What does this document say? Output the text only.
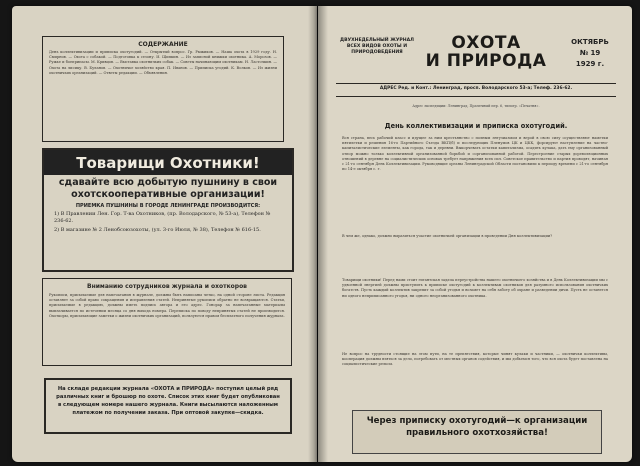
СОДЕРЖАНИЕ
День коллективизации и приписка охотугодий. — Открытый вопрос. Гр. Рыжиков. — Наша охота в 1929 году. Н. Смирнов. — Охота с собакой. — Подготовка к сезону. И. Щипкин. — Из записной книжки охотника. А. Морозов. — Ружье и боеприпасы. М. Кривцов. — Выставка охотничьих собак. — Советы начинающим охотникам. Н. Ласточкин. — Охота на лисицу. В. Буланов. — Охотничье хозяйство края. П. Иванов. — Приписка угодий. К. Волков. — Из жизни охотничьих организаций. — Ответы редакции. — Объявления.
Товарищи Охотники!
сдавайте всю добытую пушнину в свои охотскооперативные организации!
ПРИЕМКА ПУШНИНЫ В ГОРОДЕ ЛЕНИНГРАДЕ ПРОИЗВОДИТСЯ:
1) В Правлении Лен. Гор. Т-ва Охотников, (пр. Володарского, № 53-а), Телефон № 236-62.
2) В магазине № 2 Ленобсоюзохоты, (ул. 3-го Июля, № 38), Телефон № 616-15.
Вниманию сотрудников журнала и охоткоров
Рукописи, присылаемые для напечатания в журнале, должны быть написаны четко, на одной стороне листа. Редакция оставляет за собой право сокращения и исправления статей. Непринятые рукописи обратно не возвращаются. Статьи, присылаемые в редакцию, должны иметь подпись автора и его адрес. Гонорар за напечатанные материалы выплачивается по истечении месяца со дня выхода номера. Переписка по поводу непринятых статей не производится. Охоткоры, присылающие заметки о жизни охотничьих организаций, пользуются правом бесплатного получения журнала.

На складе редакции журнала «ОХОТА и ПРИРОДА» поступил целый ряд различных книг и брошюр по охоте. Список этих книг будет опубликован в следующем номере нашего журнала. Книги высылаются наложенным платежом по получении заказа. При оптовой закупке—скидка.

ДВУХНЕДЕЛЬНЫЙ ЖУРНАЛ ВСЕХ ВИДОВ ОХОТЫ И ПРИРОДОВЕДЕНИЯ	ОХОТА
И ПРИРОДА
ОКТЯБРЬ
№ 19
1929 г.
АДРЕС Ред. и Конт.: Ленинград, просп. Володарского 53-а; Телеф. 236-62.
Адрес экспедиции: Ленинград, Прачечный пер. 6, типогр. «Печатня».
День коллективизации и приписка охотугодий.
Вся страна, весь рабочий класс и идущее за ним крестьянство с полным энтузиазмом и верой в свою силу осуществляют наметки пятилетки и решения 16-го Партийного Съезда ВКП(б) и последующих Пленумов ЦК и ЦКК, форсируют наступление на частно-капиталистические элементы, как города, так и деревни. Выкорчевать остатки капитализма, осадить кулака, дать ему организованный отпор можно только коллективной организованной борьбой и сорганизованной работой. Перестроение старых дореволюционных отношений в деревне на социалистических основах требует напряжения всех сил. Советское правительство и партия проводят, начиная с 21-го сентября День Коллективизации. Руководящие органы Ленинградской Области постановили к периоду времени с 21-го сентября по 14-е октября с. г.
В чем же, однако, должно выразиться участие охотничьей организации в проведении Дня коллективизации?
Товарищи охотники! Перед нами стоит гигантская задача переустройства нашего охотничьего хозяйства и в День Коллективизации мы с удвоенной энергией должны приступить к приписке охотугодий к коллективам охотников для разумного использования охотничьих богатств. Пусть каждый коллектив закрепит за собой угодья и возьмет на себя заботу об охране и разведении дичи. Пусть не останется ни одного неприписанного угодья, ни одного неорганизованного охотника.
Не вопрос на трудности стоящие на этом пути, на те препятствия, которые чинят кулаки и частники, — охотничьи коллективы, кооперация должны взяться за дело, потребовать от местных органов содействия, и мы добьемся того, что вся охота будет поставлена на социалистические рельсы.
Через приписку охотугодий—к организации правильного охотхозяйства!
